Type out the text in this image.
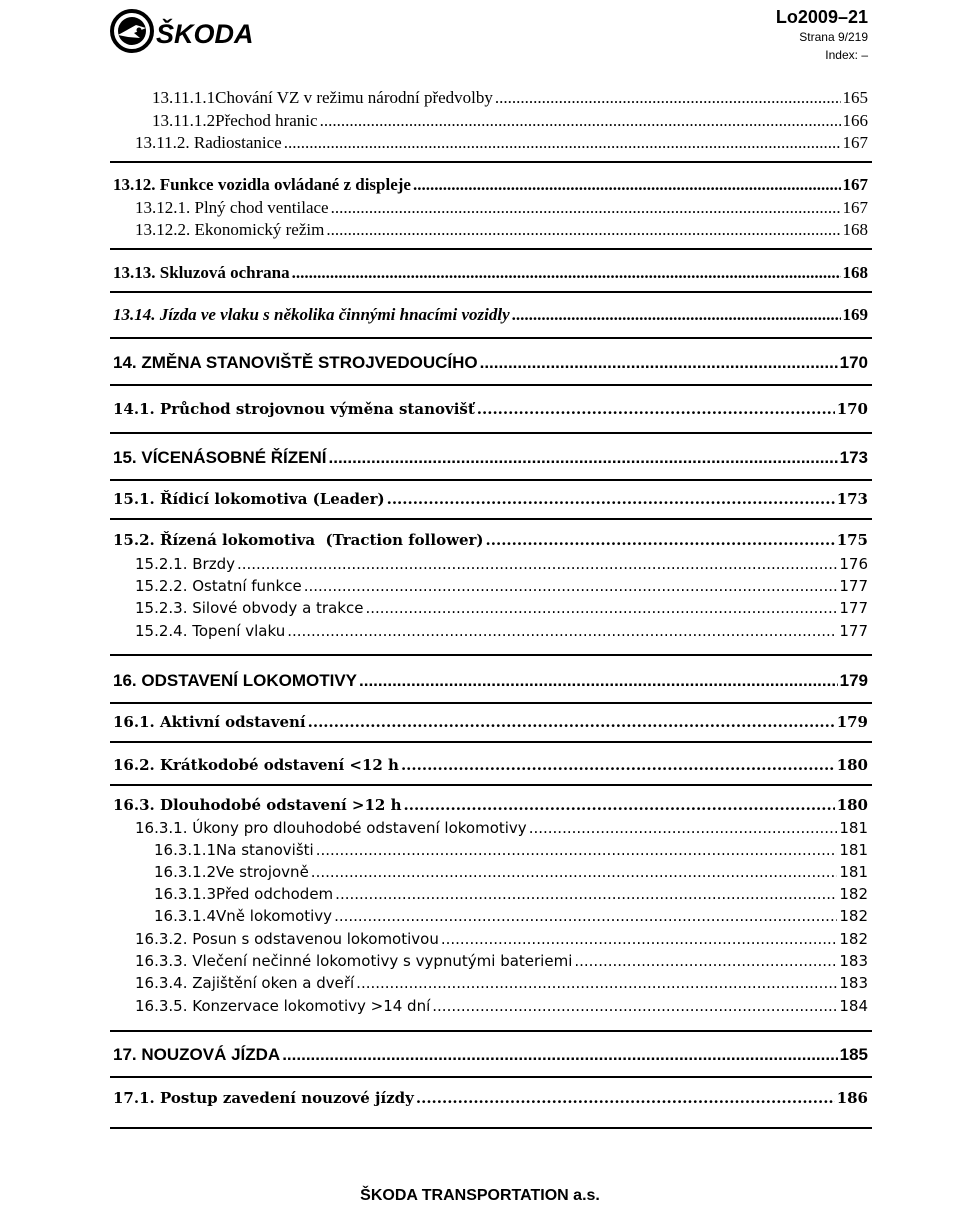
ŠKODA
Lo2009–21
Strana 9/219
Index: –
13.11.1.1 Chování VZ v režimu národní předvolby .....	165
13.11.1.2 Přechod hranic .....	166
13.11.2. Radiostanice .....	167
13.12. Funkce vozidla ovládané z displeje .....	167
13.12.1. Plný chod ventilace .....	167
13.12.2. Ekonomický režim .....	168
13.13. Skluzová ochrana .....	168
13.14. Jízda ve vlaku s několika činnými hnacími vozidly .....	169
14. ZMĚNA STANOVIŠTĚ STROJVEDOUCÍHO .....	170
14.1. Průchod strojovnou výměna stanovišť .....	170
15. VÍCENÁSOBNÉ ŘÍZENÍ .....	173
15.1. Řídicí lokomotiva (Leader) .....	173
15.2. Řízená lokomotiva  (Traction follower) .....	175
15.2.1. Brzdy .....	176
15.2.2. Ostatní funkce .....	177
15.2.3. Silové obvody a trakce .....	177
15.2.4. Topení vlaku .....	177
16. ODSTAVENÍ LOKOMOTIVY .....	179
16.1. Aktivní odstavení .....	179
16.2. Krátkodobé odstavení <12 h .....	180
16.3. Dlouhodobé odstavení >12 h .....	180
16.3.1. Úkony pro dlouhodobé odstavení lokomotivy .....	181
16.3.1.1 Na stanovišti .....	181
16.3.1.2 Ve strojovně .....	181
16.3.1.3 Před odchodem .....	182
16.3.1.4 Vně lokomotivy .....	182
16.3.2. Posun s odstavenou lokomotivou .....	182
16.3.3. Vlečení nečinné lokomotivy s vypnutými bateriemi .....	183
16.3.4. Zajištění oken a dveří .....	183
16.3.5. Konzervace lokomotivy >14 dní .....	184
17. NOUZOVÁ JÍZDA .....	185
17.1. Postup zavedení nouzové jízdy .....	186
ŠKODA TRANSPORTATION a.s.
